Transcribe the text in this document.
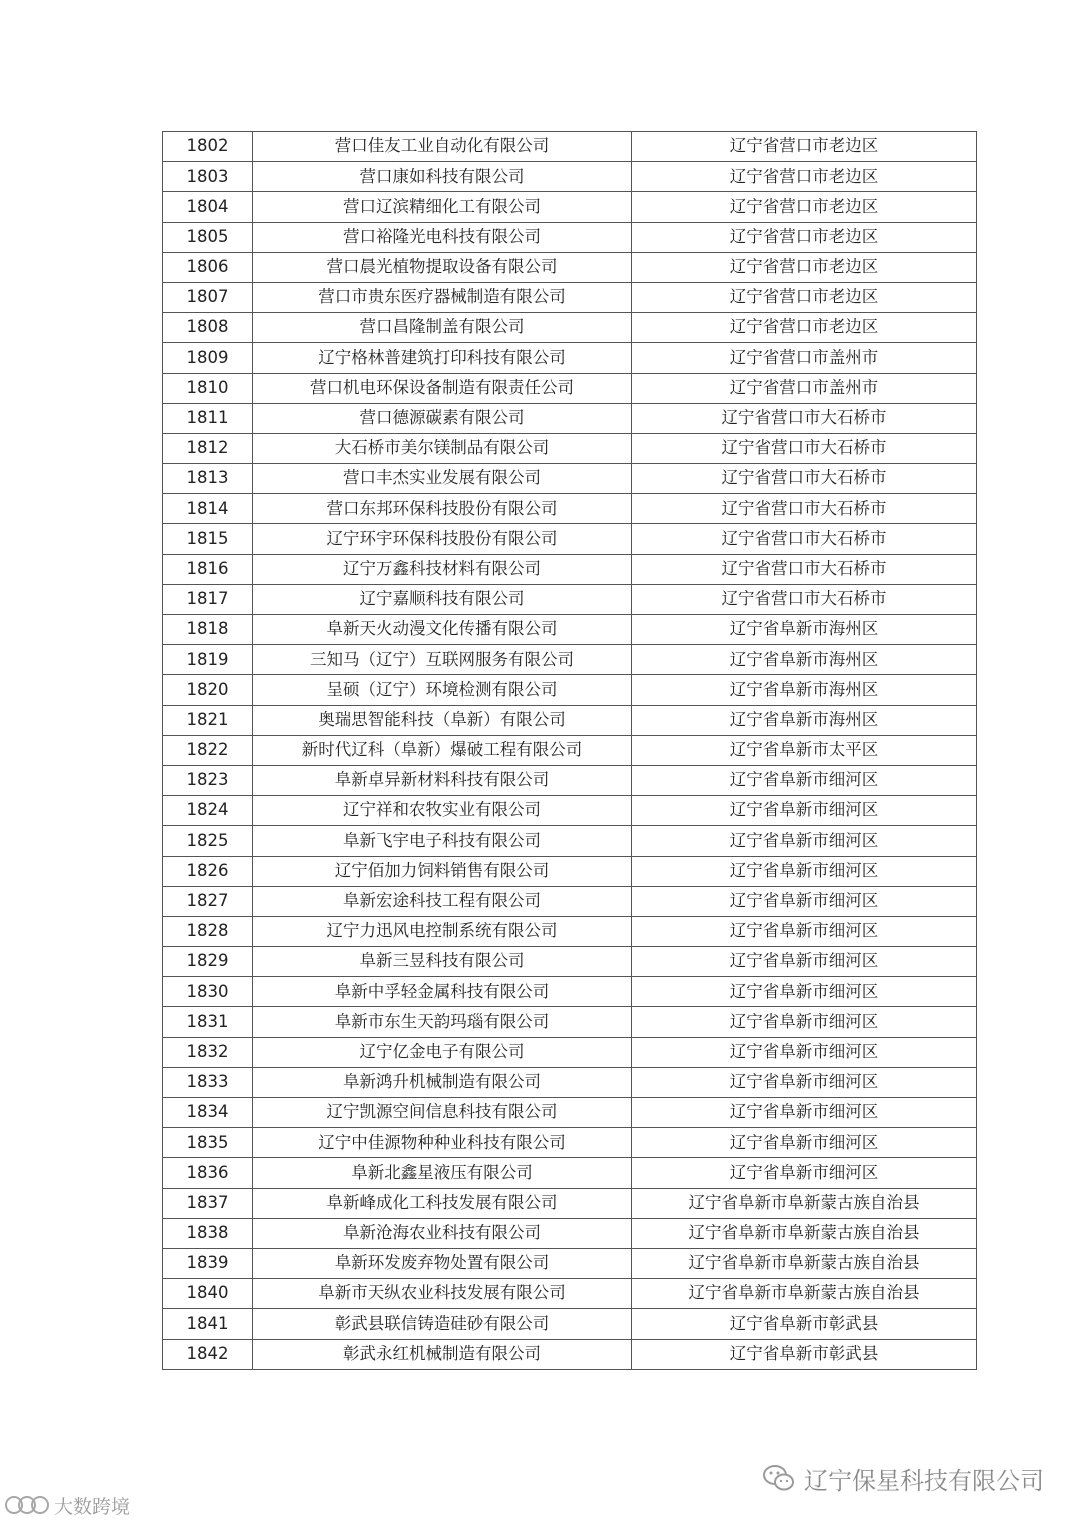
1802	营口佳友工业自动化有限公司	辽宁省营口市老边区
1803	营口康如科技有限公司	辽宁省营口市老边区
1804	营口辽滨精细化工有限公司	辽宁省营口市老边区
1805	营口裕隆光电科技有限公司	辽宁省营口市老边区
1806	营口晨光植物提取设备有限公司	辽宁省营口市老边区
1807	营口市贵东医疗器械制造有限公司	辽宁省营口市老边区
1808	营口昌隆制盖有限公司	辽宁省营口市老边区
1809	辽宁格林普建筑打印科技有限公司	辽宁省营口市盖州市
1810	营口机电环保设备制造有限责任公司	辽宁省营口市盖州市
1811	营口德源碳素有限公司	辽宁省营口市大石桥市
1812	大石桥市美尔镁制品有限公司	辽宁省营口市大石桥市
1813	营口丰杰实业发展有限公司	辽宁省营口市大石桥市
1814	营口东邦环保科技股份有限公司	辽宁省营口市大石桥市
1815	辽宁环宇环保科技股份有限公司	辽宁省营口市大石桥市
1816	辽宁万鑫科技材料有限公司	辽宁省营口市大石桥市
1817	辽宁嘉顺科技有限公司	辽宁省营口市大石桥市
1818	阜新天火动漫文化传播有限公司	辽宁省阜新市海州区
1819	三知马（辽宁）互联网服务有限公司	辽宁省阜新市海州区
1820	呈硕（辽宁）环境检测有限公司	辽宁省阜新市海州区
1821	奥瑞思智能科技（阜新）有限公司	辽宁省阜新市海州区
1822	新时代辽科（阜新）爆破工程有限公司	辽宁省阜新市太平区
1823	阜新卓异新材料科技有限公司	辽宁省阜新市细河区
1824	辽宁祥和农牧实业有限公司	辽宁省阜新市细河区
1825	阜新飞宇电子科技有限公司	辽宁省阜新市细河区
1826	辽宁佰加力饲料销售有限公司	辽宁省阜新市细河区
1827	阜新宏途科技工程有限公司	辽宁省阜新市细河区
1828	辽宁力迅风电控制系统有限公司	辽宁省阜新市细河区
1829	阜新三昱科技有限公司	辽宁省阜新市细河区
1830	阜新中孚轻金属科技有限公司	辽宁省阜新市细河区
1831	阜新市东生天韵玛瑙有限公司	辽宁省阜新市细河区
1832	辽宁亿金电子有限公司	辽宁省阜新市细河区
1833	阜新鸿升机械制造有限公司	辽宁省阜新市细河区
1834	辽宁凯源空间信息科技有限公司	辽宁省阜新市细河区
1835	辽宁中佳源物种种业科技有限公司	辽宁省阜新市细河区
1836	阜新北鑫星液压有限公司	辽宁省阜新市细河区
1837	阜新峰成化工科技发展有限公司	辽宁省阜新市阜新蒙古族自治县
1838	阜新沧海农业科技有限公司	辽宁省阜新市阜新蒙古族自治县
1839	阜新环发废弃物处置有限公司	辽宁省阜新市阜新蒙古族自治县
1840	阜新市天纵农业科技发展有限公司	辽宁省阜新市阜新蒙古族自治县
1841	彰武县联信铸造硅砂有限公司	辽宁省阜新市彰武县
1842	彰武永红机械制造有限公司	辽宁省阜新市彰武县
辽宁保星科技有限公司
大数跨境
